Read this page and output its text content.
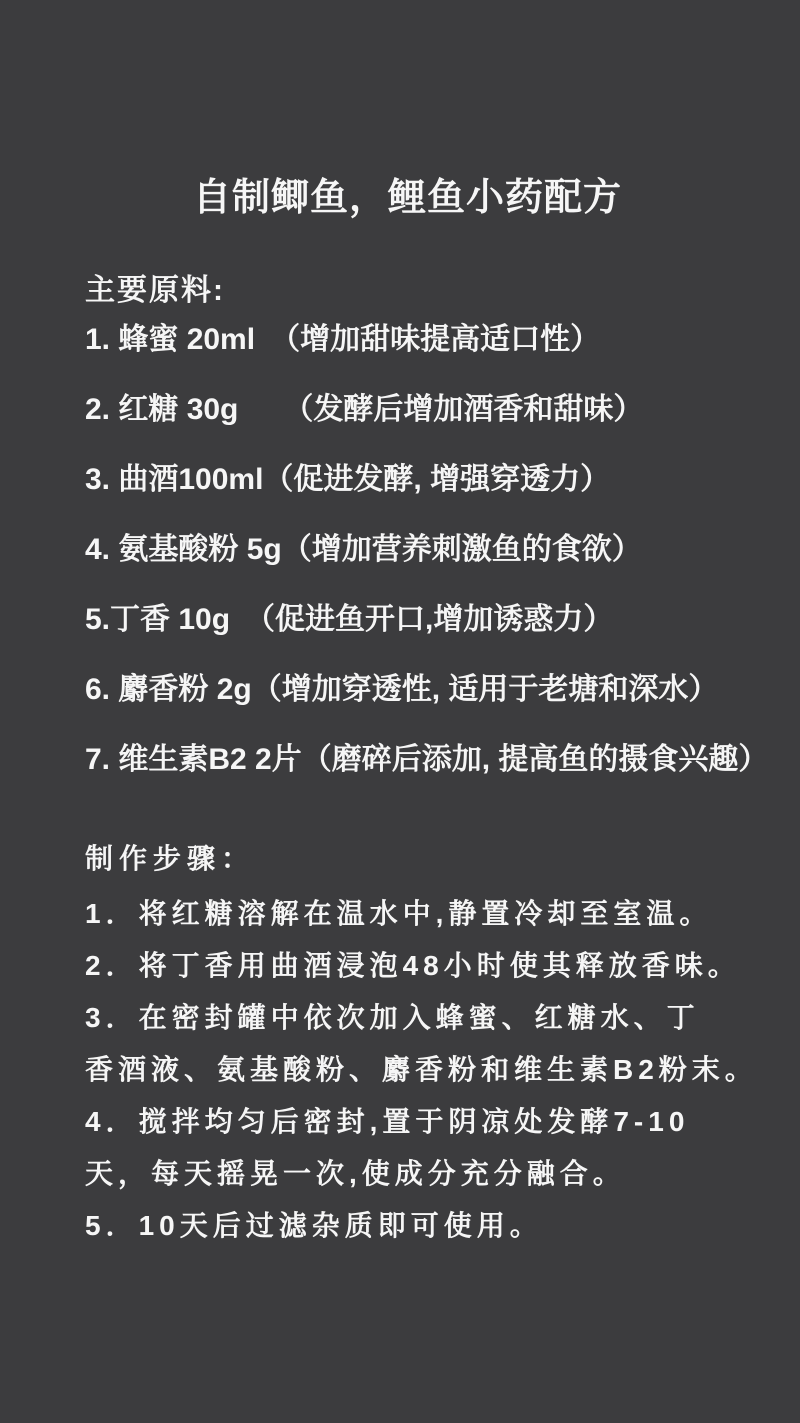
自制鲫鱼，鲤鱼小药配方
主要原料:
1. 蜂蜜 20ml　（增加甜味提高适口性）
2. 红糖 30g　　（发酵后增加酒香和甜味）
3. 曲酒100ml（促进发酵, 增强穿透力）
4. 氨基酸粉 5g（增加营养刺激鱼的食欲）
5.丁香 10g　（促进鱼开口,增加诱惑力）
6. 麝香粉 2g（增加穿透性, 适用于老塘和深水）
7. 维生素B2 2片（磨碎后添加, 提高鱼的摄食兴趣）
制作步骤：
1．将红糖溶解在温水中,静置冷却至室温。
2．将丁香用曲酒浸泡48小时使其释放香味。
3．在密封罐中依次加入蜂蜜、红糖水、丁
香酒液、氨基酸粉、麝香粉和维生素B2粉末。
4．搅拌均匀后密封,置于阴凉处发酵7-10
天，每天摇晃一次,使成分充分融合。
5．10天后过滤杂质即可使用。
